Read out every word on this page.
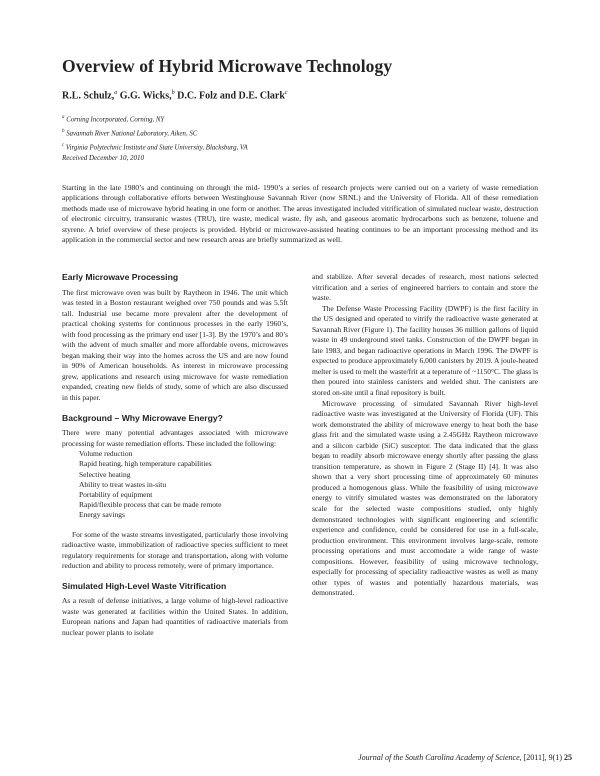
Overview of Hybrid Microwave Technology
R.L. Schulz,$^a$ G.G. Wicks,$^b$ D.C. Folz and D.E. Clark$^c$
$^a$ Corning Incorporated, Corning, NY
$^b$ Savannah River National Laboratory, Aiken, SC
$^c$ Virginia Polytechnic Institute and State University, Blacksburg, VA
Received December 10, 2010
Starting in the late 1980’s and continuing on through the mid- 1990’s a series of research projects were carried out on a variety of waste remediation applications through collaborative efforts between Westinghouse Savannah River (now SRNL) and the University of Florida. All of these remediation methods made use of microwave hybrid heating in one form or another. The areas investigated included vitrification of simulated nuclear waste, destruction of electronic circuitry, transuranic wastes (TRU), tire waste, medical waste, fly ash, and gaseous aromatic hydrocarbons such as benzene, toluene and styrene. A brief overview of these projects is provided. Hybrid or microwave-assisted heating continues to be an important processing method and its application in the commercial sector and new research areas are briefly summarized as well.
Early Microwave Processing

The first microwave oven was built by Raytheon in 1946. The unit which was tested in a Boston restaurant weighed over 750 pounds and was 5.5ft tall. Industrial use became more prevalent after the development of practical choking systems for continuous processes in the early 1960’s, with food processing as the primary end user [1-3]. By the 1970’s and 80’s with the advent of much smaller and more affordable ovens, microwaves began making their way into the homes across the US and are now found in 90% of American households. As interest in microwave processing grew, applications and research using microwave for waste remediation expanded, creating new fields of study, some of which are also discussed in this paper.

Background – Why Microwave Energy?

There were many potential advantages associated with microwave processing for waste remediation efforts. These included the following:

Volume reduction
Rapid heating, high temperature capabilities
Selective heating
Ability to treat wastes in-situ
Portability of equipment
Rapid/flexible process that can be made remote
Energy savings

For some of the waste streams investigated, particularly those involving radioactive waste, immobilization of radioactive species sufficient to meet regulatory requirements for storage and transportation, along with volume reduction and ability to process remotely, were of primary importance.

Simulated High-Level Waste Vitrification

As a result of defense initiatives, a large volume of high-level radioactive waste was generated at facilities within the United States. In addition, European nations and Japan had quantities of radioactive materials from nuclear power plants to isolate

and stabilize. After several decades of research, most nations selected vitrification and a series of engineered barriers to contain and store the waste.

The Defense Waste Processing Facility (DWPF) is the first facility in the US designed and operated to vitrify the radioactive waste generated at Savannah River (Figure 1). The facility houses 36 million gallons of liquid waste in 49 underground steel tanks. Construction of the DWPF began in late 1983, and began radioactive operations in March 1996. The DWPF is expected to produce approximately 6,000 canisters by 2019. A joule-heated melter is used to melt the waste/frit at a teperature of ~1150°C. The glass is then poured into stainless canisters and welded shut. The canisters are stored on-site until a final repository is built.

Microwave processing of simulated Savannah River high-level radioactive waste was investigated at the University of Florida (UF). This work demonstrated the ability of microwave energy to heat both the base glass frit and the simulated waste using a 2.45GHz Raytheon microwave and a silicon carbide (SiC) susceptor. The data indicated that the glass began to readily absorb microwave energy shortly after passing the glass transition temperature, as shown in Figure 2 (Stage II) [4]. It was also shown that a very short processing time of approximately 60 minutes produced a homogenous glass. While the feasibility of using microwave energy to vitrify simulated wastes was demonstrated on the laboratory scale for the selected waste compositions studied, only highly demonstrated technologies with significant engineering and scientific experience and confidence, could be considered for use in a full-scale, production environment. This environment involves large-scale, remote processing operations and must accomodate a wide range of waste compositions. However, feasibility of using microwave technology, especially for processing of speciality radioactive wastes as well as many other types of wastes and potentially hazardous materials, was demonstrated.

Journal of the South Carolina Academy of Science, [2011], 9(1) 25
